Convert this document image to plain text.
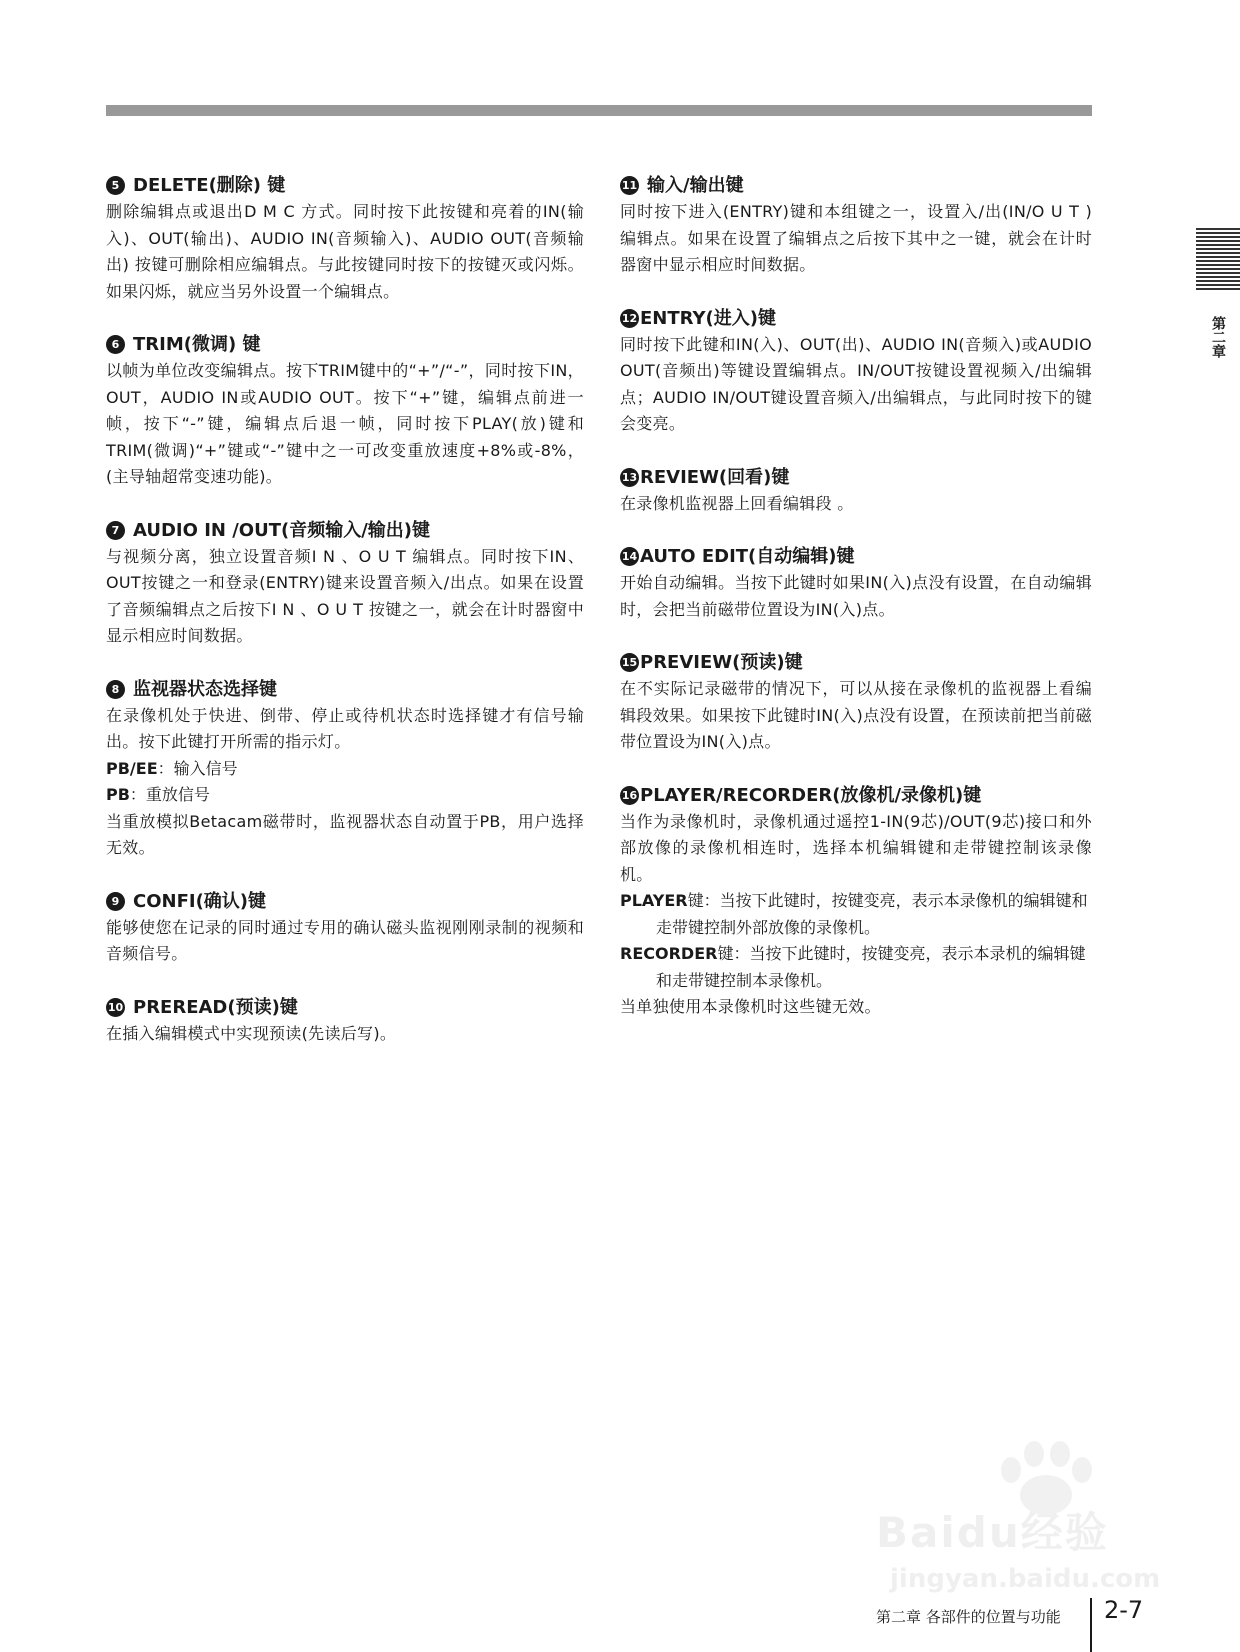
5 DELETE(删除) 键
删除编辑点或退出D M C 方式。同时按下此按键和亮着的IN(输入)、OUT(输出)、AUDIO IN(音频输入)、AUDIO OUT(音频输出) 按键可删除相应编辑点。与此按键同时按下的按键灭或闪烁。如果闪烁，就应当另外设置一个编辑点。
6 TRIM(微调) 键
以帧为单位改变编辑点。按下TRIM键中的“+”/“-”，同时按下IN，OUT，AUDIO IN或AUDIO OUT。按下“+”键，编辑点前进一帧，按下“-”键，编辑点后退一帧，同时按下PLAY(放)键和TRIM(微调)“+”键或“-”键中之一可改变重放速度+8%或-8%，(主导轴超常变速功能)。
7 AUDIO IN /OUT(音频输入/输出)键
与视频分离，独立设置音频I N 、O U T 编辑点。同时按下IN、OUT按键之一和登录(ENTRY)键来设置音频入/出点。如果在设置了音频编辑点之后按下I N 、O U T 按键之一，就会在计时器窗中显示相应时间数据。
8 监视器状态选择键
在录像机处于快进、倒带、停止或待机状态时选择键才有信号输出。按下此键打开所需的指示灯。
PB/EE：输入信号
PB：重放信号
当重放模拟Betacam磁带时，监视器状态自动置于PB，用户选择无效。
9 CONFI(确认)键
能够使您在记录的同时通过专用的确认磁头监视刚刚录制的视频和音频信号。
10 PREREAD(预读)键
在插入编辑模式中实现预读(先读后写)。
11 输入/输出键
同时按下进入(ENTRY)键和本组键之一，设置入/出(IN/O U T ) 编辑点。如果在设置了编辑点之后按下其中之一键，就会在计时器窗中显示相应时间数据。
12 ENTRY(进入)键
同时按下此键和IN(入)、OUT(出)、AUDIO IN(音频入)或AUDIO OUT(音频出)等键设置编辑点。IN/OUT按键设置视频入/出编辑点；AUDIO IN/OUT键设置音频入/出编辑点，与此同时按下的键会变亮。
13 REVIEW(回看)键
在录像机监视器上回看编辑段 。
14 AUTO EDIT(自动编辑)键
开始自动编辑。当按下此键时如果IN(入)点没有设置，在自动编辑时，会把当前磁带位置设为IN(入)点。
15 PREVIEW(预读)键
在不实际记录磁带的情况下，可以从接在录像机的监视器上看编辑段效果。如果按下此键时IN(入)点没有设置，在预读前把当前磁带位置设为IN(入)点。
16 PLAYER/RECORDER(放像机/录像机)键
当作为录像机时，录像机通过遥控1-IN(9芯)/OUT(9芯)接口和外部放像的录像机相连时，选择本机编辑键和走带键控制该录像机。
PLAYER键：当按下此键时，按键变亮，表示本录像机的编辑键和走带键控制外部放像的录像机。
RECORDER键：当按下此键时，按键变亮，表示本录机的编辑键和走带键控制本录像机。
当单独使用本录像机时这些键无效。
第二章
Baidu经验
jingyan.baidu.com
第二章 各部件的位置与功能 2-7
